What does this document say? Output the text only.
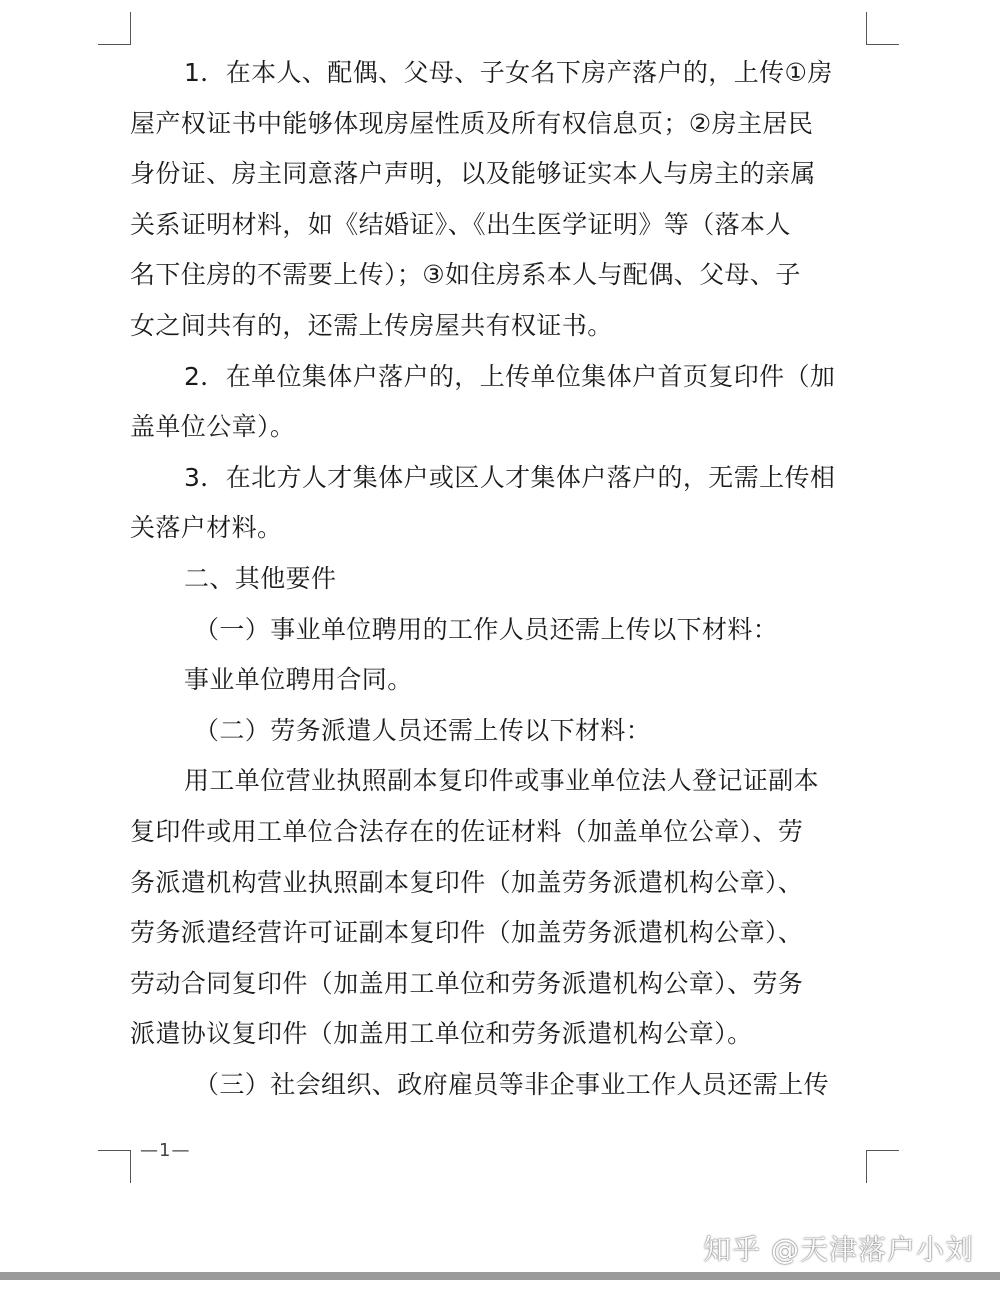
1．在本人、配偶、父母、子女名下房产落户的，上传①房
屋产权证书中能够体现房屋性质及所有权信息页；②房主居民
身份证、房主同意落户声明，以及能够证实本人与房主的亲属
关系证明材料，如《结婚证》、《出生医学证明》等（落本人
名下住房的不需要上传）；③如住房系本人与配偶、父母、子
女之间共有的，还需上传房屋共有权证书。
2．在单位集体户落户的，上传单位集体户首页复印件（加
盖单位公章）。
3．在北方人才集体户或区人才集体户落户的，无需上传相
关落户材料。
二、其他要件
（一）事业单位聘用的工作人员还需上传以下材料：
事业单位聘用合同。
（二）劳务派遣人员还需上传以下材料：
用工单位营业执照副本复印件或事业单位法人登记证副本
复印件或用工单位合法存在的佐证材料（加盖单位公章）、劳
务派遣机构营业执照副本复印件（加盖劳务派遣机构公章）、
劳务派遣经营许可证副本复印件（加盖劳务派遣机构公章）、
劳动合同复印件（加盖用工单位和劳务派遣机构公章）、劳务
派遣协议复印件（加盖用工单位和劳务派遣机构公章）。
（三）社会组织、政府雇员等非企事业工作人员还需上传
—1—
知乎 @天津落户小刘
